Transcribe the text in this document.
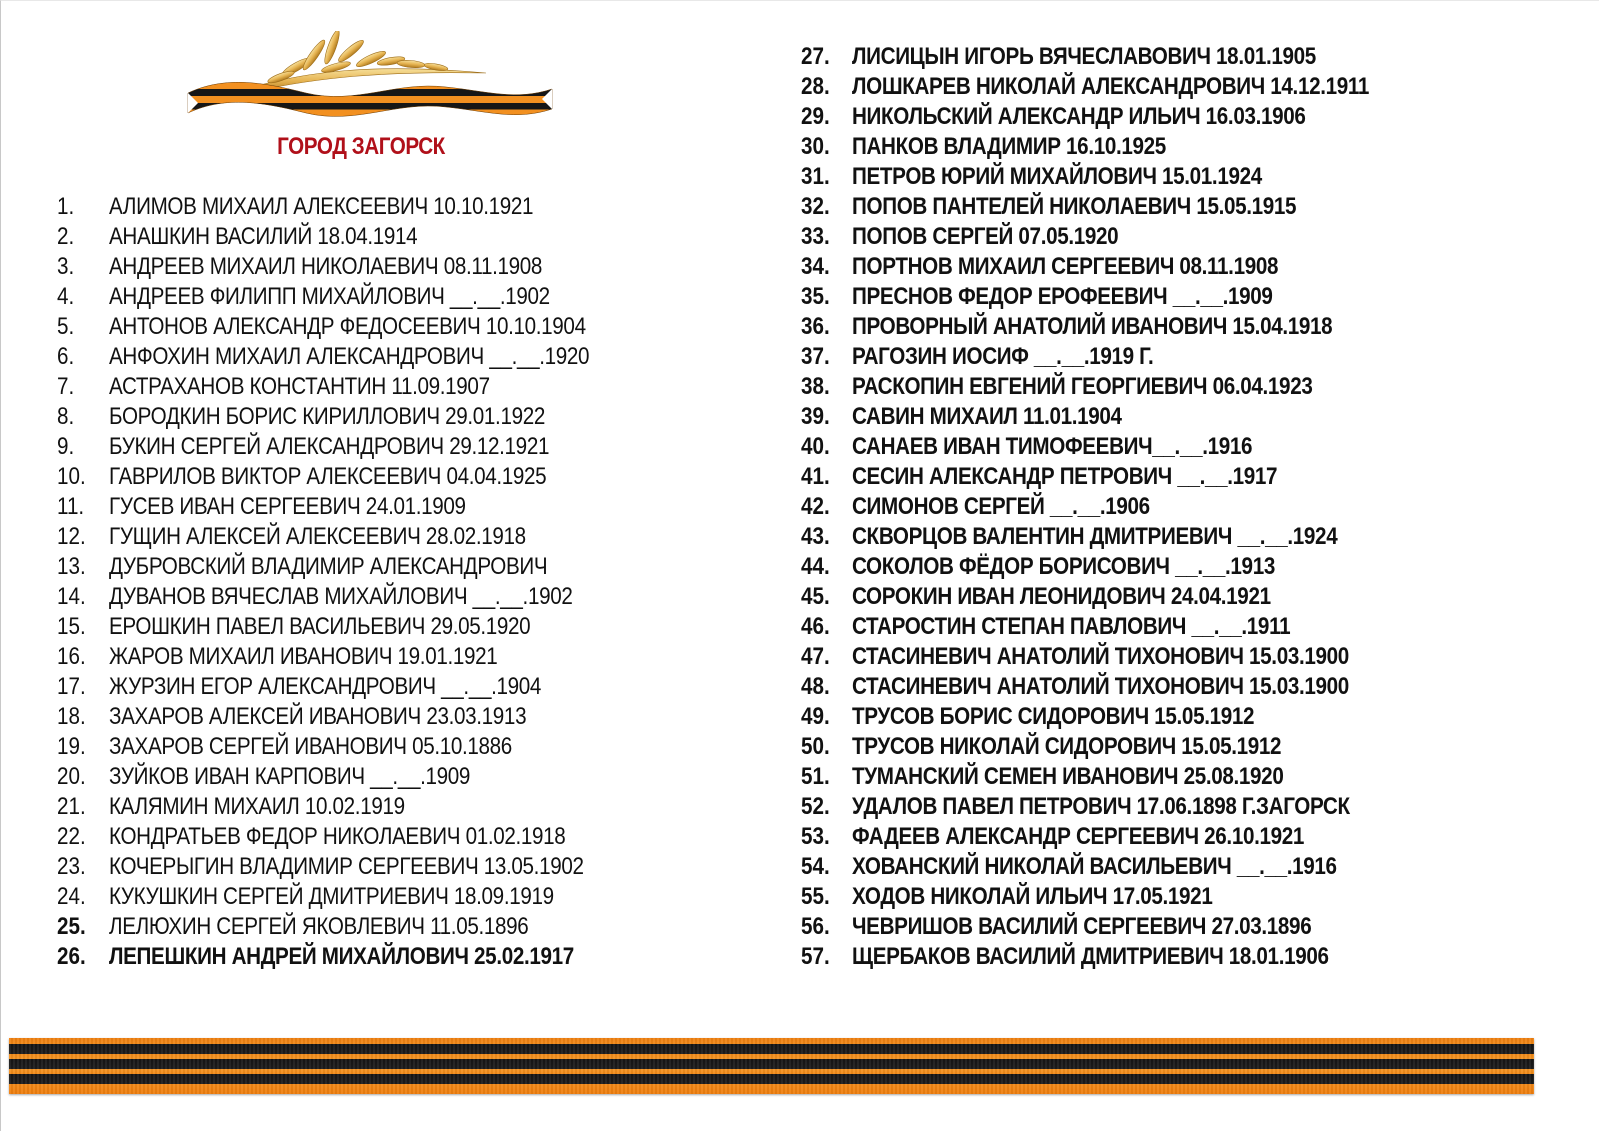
ГОРОД ЗАГОРСК
1. АЛИМОВ МИХАИЛ АЛЕКСЕЕВИЧ 10.10.1921
2. АНАШКИН ВАСИЛИЙ 18.04.1914
3. АНДРЕЕВ МИХАИЛ НИКОЛАЕВИЧ 08.11.1908
4. АНДРЕЕВ ФИЛИПП МИХАЙЛОВИЧ __.__.1902
5. АНТОНОВ АЛЕКСАНДР ФЕДОСЕЕВИЧ 10.10.1904
6. АНФОХИН МИХАИЛ АЛЕКСАНДРОВИЧ __.__.1920
7. АСТРАХАНОВ КОНСТАНТИН 11.09.1907
8. БОРОДКИН БОРИС КИРИЛЛОВИЧ 29.01.1922
9. БУКИН СЕРГЕЙ АЛЕКСАНДРОВИЧ 29.12.1921
10. ГАВРИЛОВ ВИКТОР АЛЕКСЕЕВИЧ 04.04.1925
11. ГУСЕВ ИВАН СЕРГЕЕВИЧ 24.01.1909
12. ГУЩИН АЛЕКСЕЙ АЛЕКСЕЕВИЧ 28.02.1918
13. ДУБРОВСКИЙ ВЛАДИМИР АЛЕКСАНДРОВИЧ
14. ДУВАНОВ ВЯЧЕСЛАВ МИХАЙЛОВИЧ __.__.1902
15. ЕРОШКИН ПАВЕЛ ВАСИЛЬЕВИЧ 29.05.1920
16. ЖАРОВ МИХАИЛ ИВАНОВИЧ 19.01.1921
17. ЖУРЗИН ЕГОР АЛЕКСАНДРОВИЧ __.__.1904
18. ЗАХАРОВ АЛЕКСЕЙ ИВАНОВИЧ 23.03.1913
19. ЗАХАРОВ СЕРГЕЙ ИВАНОВИЧ 05.10.1886
20. ЗУЙКОВ ИВАН КАРПОВИЧ __.__.1909
21. КАЛЯМИН МИХАИЛ 10.02.1919
22. КОНДРАТЬЕВ ФЕДОР НИКОЛАЕВИЧ 01.02.1918
23. КОЧЕРЫГИН ВЛАДИМИР СЕРГЕЕВИЧ 13.05.1902
24. КУКУШКИН СЕРГЕЙ ДМИТРИЕВИЧ 18.09.1919
25. ЛЕЛЮХИН СЕРГЕЙ ЯКОВЛЕВИЧ 11.05.1896
26. ЛЕПЕШКИН АНДРЕЙ МИХАЙЛОВИЧ 25.02.1917
27. ЛИСИЦЫН ИГОРЬ ВЯЧЕСЛАВОВИЧ 18.01.1905
28. ЛОШКАРЕВ НИКОЛАЙ АЛЕКСАНДРОВИЧ 14.12.1911
29. НИКОЛЬСКИЙ АЛЕКСАНДР ИЛЬИЧ 16.03.1906
30. ПАНКОВ ВЛАДИМИР 16.10.1925
31. ПЕТРОВ ЮРИЙ МИХАЙЛОВИЧ 15.01.1924
32. ПОПОВ ПАНТЕЛЕЙ НИКОЛАЕВИЧ 15.05.1915
33. ПОПОВ СЕРГЕЙ 07.05.1920
34. ПОРТНОВ МИХАИЛ СЕРГЕЕВИЧ 08.11.1908
35. ПРЕСНОВ ФЕДОР ЕРОФЕЕВИЧ __.__.1909
36. ПРОВОРНЫЙ АНАТОЛИЙ ИВАНОВИЧ 15.04.1918
37. РАГОЗИН ИОСИФ __.__.1919 Г.
38. РАСКОПИН ЕВГЕНИЙ ГЕОРГИЕВИЧ 06.04.1923
39. САВИН МИХАИЛ 11.01.1904
40. САНАЕВ ИВАН ТИМОФЕЕВИЧ__.__.1916
41. СЕСИН АЛЕКСАНДР ПЕТРОВИЧ __.__.1917
42. СИМОНОВ СЕРГЕЙ __.__.1906
43. СКВОРЦОВ ВАЛЕНТИН ДМИТРИЕВИЧ __.__.1924
44. СОКОЛОВ ФЁДОР БОРИСОВИЧ __.__.1913
45. СОРОКИН ИВАН ЛЕОНИДОВИЧ 24.04.1921
46. СТАРОСТИН СТЕПАН ПАВЛОВИЧ __.__.1911
47. СТАСИНЕВИЧ АНАТОЛИЙ ТИХОНОВИЧ 15.03.1900
48. СТАСИНЕВИЧ АНАТОЛИЙ ТИХОНОВИЧ 15.03.1900
49. ТРУСОВ БОРИС СИДОРОВИЧ 15.05.1912
50. ТРУСОВ НИКОЛАЙ СИДОРОВИЧ 15.05.1912
51. ТУМАНСКИЙ СЕМЕН ИВАНОВИЧ 25.08.1920
52. УДАЛОВ ПАВЕЛ ПЕТРОВИЧ 17.06.1898 Г.ЗАГОРСК
53. ФАДЕЕВ АЛЕКСАНДР СЕРГЕЕВИЧ 26.10.1921
54. ХОВАНСКИЙ НИКОЛАЙ ВАСИЛЬЕВИЧ __.__.1916
55. ХОДОВ НИКОЛАЙ ИЛЬИЧ 17.05.1921
56. ЧЕВРИШОВ ВАСИЛИЙ СЕРГЕЕВИЧ 27.03.1896
57. ЩЕРБАКОВ ВАСИЛИЙ ДМИТРИЕВИЧ 18.01.1906
